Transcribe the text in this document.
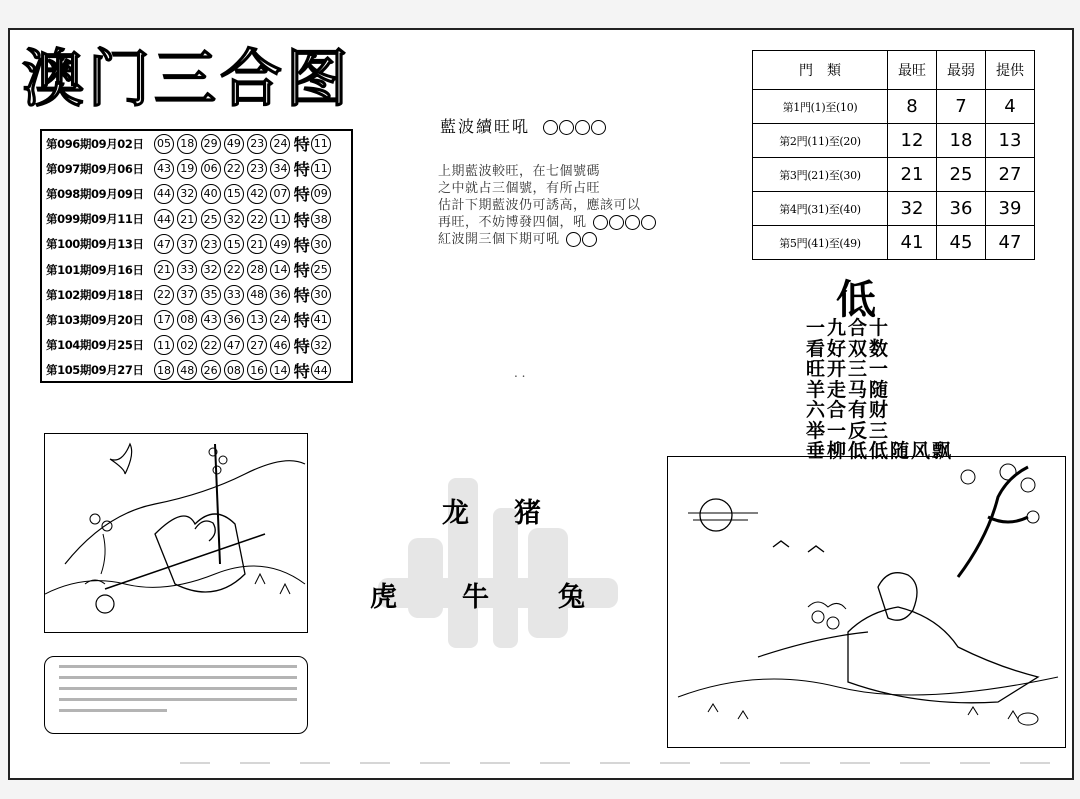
澳门三合图
第096期09月02日	05 18 29 49 23 24 特 11
第097期09月06日	43 19 06 22 23 34 特 11
第098期09月09日	44 32 40 15 42 07 特 09
第099期09月11日	44 21 25 32 22 11 特 38
第100期09月13日	47 37 23 15 21 49 特 30
第101期09月16日	21 33 32 22 28 14 特 25
第102期09月18日	22 37 35 33 48 36 特 30
第103期09月20日	17 08 43 36 13 24 特 41
第104期09月25日	11 02 22 47 27 46 特 32
第105期09月27日	18 48 26 08 16 14 特 44
藍波續旺吼
上期藍波較旺，在七個號碼
之中就占三個號，有所占旺
估計下期藍波仍可誘高，應該可以
再旺，不妨博發四個，吼
紅波開三個下期可吼
. .
門　類	最旺	最弱	提供
第1門(1)至(10)	8	7	4
第2門(11)至(20)	12	18	13
第3門(21)至(30)	21	25	27
第4門(31)至(40)	32	36	39
第5門(41)至(49)	41	45	47
低
一九合十
看好双数
旺开三一
羊走马随
六合有财
举一反三
垂柳低低随风飘
龙 猪
虎 牛	兔
